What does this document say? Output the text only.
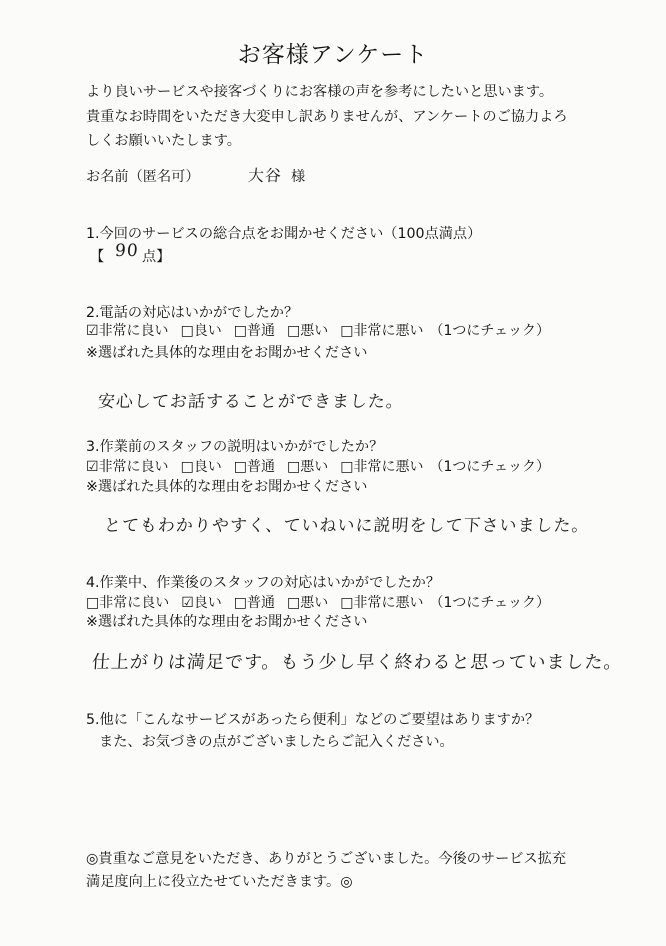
お客様アンケート
より良いサービスや接客づくりにお客様の声を参考にしたいと思います。
貴重なお時間をいただき大変申し訳ありませんが、アンケートのご協力よろ
しくお願いいたします。
お名前（匿名可）	大谷 様
1.今回のサービスの総合点をお聞かせください（100点満点）
【 90 点】
2.電話の対応はいかがでしたか？
☑非常に良い □良い □普通 □悪い □非常に悪い （1つにチェック）
※選ばれた具体的な理由をお聞かせください
安心してお話することができました。
3.作業前のスタッフの説明はいかがでしたか？
☑非常に良い □良い □普通 □悪い □非常に悪い （1つにチェック）
※選ばれた具体的な理由をお聞かせください
とてもわかりやすく、ていねいに説明をして下さいました。
4.作業中、作業後のスタッフの対応はいかがでしたか？
□非常に良い ☑良い □普通 □悪い □非常に悪い （1つにチェック）
※選ばれた具体的な理由をお聞かせください
仕上がりは満足です。もう少し早く終わると思っていました。
5.他に「こんなサービスがあったら便利」などのご要望はありますか？
また、お気づきの点がございましたらご記入ください。
◎貴重なご意見をいただき、ありがとうございました。今後のサービス拡充
満足度向上に役立たせていただきます。◎
